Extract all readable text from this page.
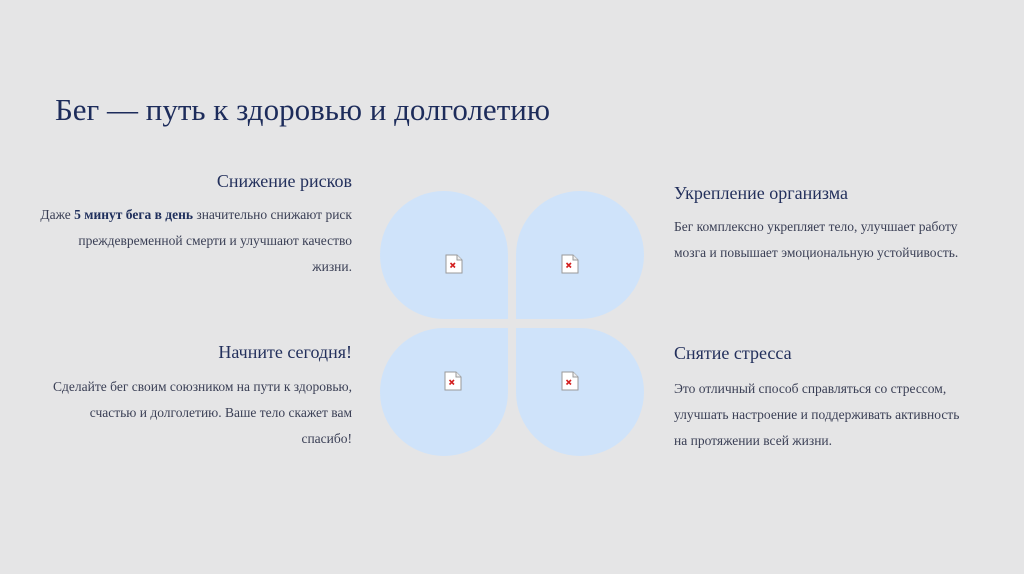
Бег — путь к здоровью и долголетию
Снижение рисков

Даже 5 минут бега в день значительно снижают риск преждевременной смерти и улучшают качество жизни.

Начните сегодня!

Сделайте бег своим союзником на пути к здоровью, счастью и долголетию. Ваше тело скажет вам спасибо!

Укрепление организма

Бег комплексно укрепляет тело, улучшает работу мозга и повышает эмоциональную устойчивость.

Снятие стресса

Это отличный способ справляться со стрессом, улучшать настроение и поддерживать активность на протяжении всей жизни.
